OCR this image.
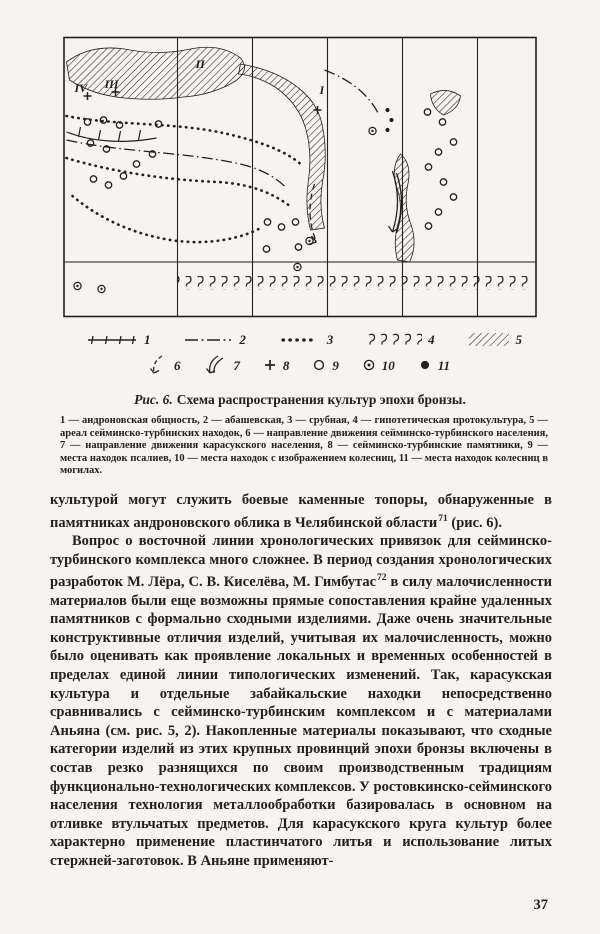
IV III
II
I
1	2	3	4	5
6	7	8	9	10	11
Рис. 6. Схема распространения культур эпохи бронзы.
1 — андроновская общность, 2 — абашевская, 3 — срубная, 4 — гипотетическая протокультура, 5 — ареал сейминско-турбинских находок, 6 — направление движения сейминско-турбинского населения, 7 — направление движения карасукского населения, 8 — сейминско-турбинские памятники, 9 — места находок псалиев, 10 — места находок с изображением колесниц, 11 — места находок колесниц в могилах.

культурой могут служить боевые каменные топоры, обнаруженные в памятниках андроновского облика в Челябинской области$^{71}$ (рис. 6).

Вопрос о восточной линии хронологических привязок для сейминско-турбинского комплекса много сложнее. В период создания хронологических разработок М. Лёра, С. В. Киселёва, М. Гимбутас$^{72}$ в силу малочисленности материалов были еще возможны прямые сопоставления крайне удаленных памятников с формально сходными изделиями. Даже очень значительные конструктивные отличия изделий, учитывая их малочисленность, можно было оценивать как проявление локальных и временных особенностей в пределах единой линии типологических изменений. Так, карасукская культура и отдельные забайкальские находки непосредственно сравнивались с сейминско-турбинским комплексом и с материалами Аньяна (см. рис. 5, 2). Накопленные материалы показывают, что сходные категории изделий из этих крупных провинций эпохи бронзы включены в состав резко разнящихся по своим производственным традициям функционально-технологических комплексов. У ростовкинско-сейминского населения технология металлообработки базировалась в основном на отливке втульчатых предметов. Для карасукского круга культур более характерно применение пластинчатого литья и использование литых стержней-заготовок. В Аньяне применяют-

37
